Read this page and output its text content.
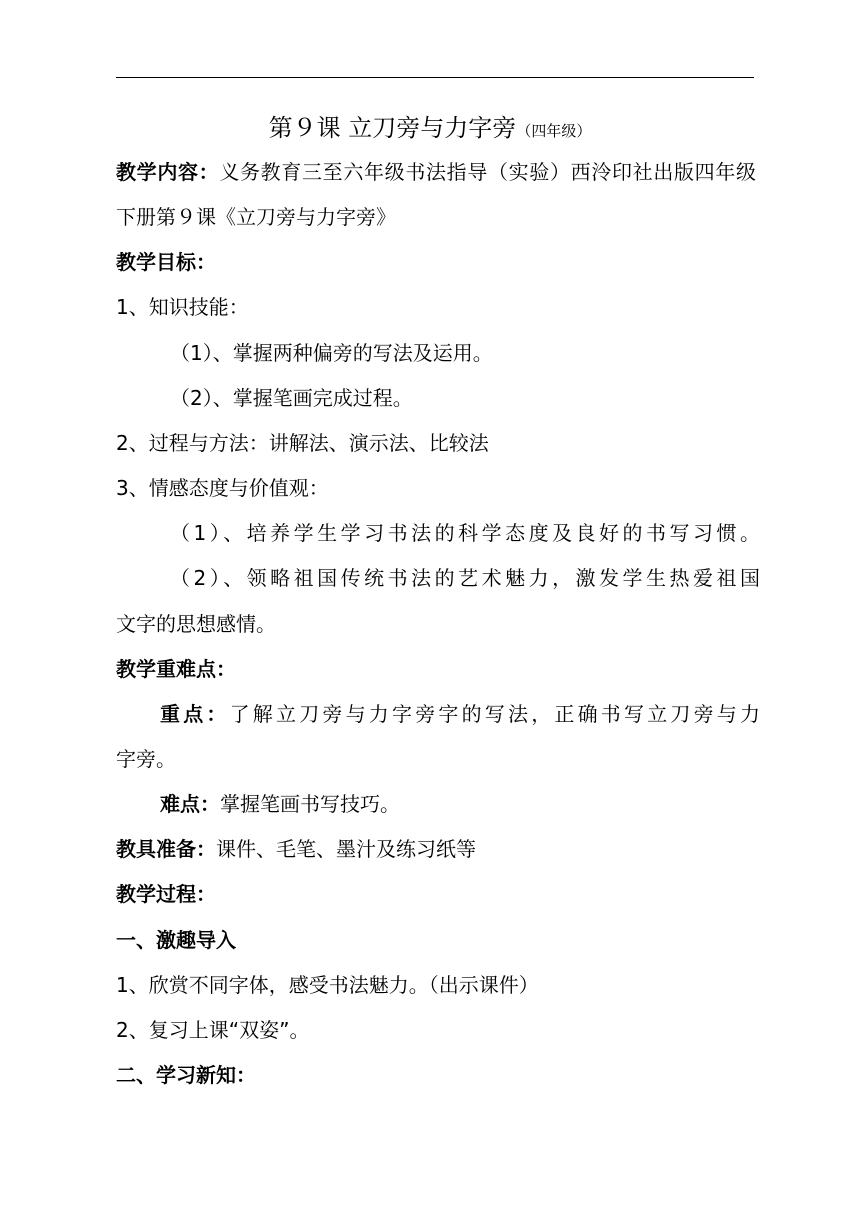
第９课 立刀旁与力字旁（四年级）
教学内容：义务教育三至六年级书法指导（实验）西泠印社出版四年级
下册第９课《立刀旁与力字旁》
教学目标：
1、知识技能：
（1）、掌握两种偏旁的写法及运用。
（2）、掌握笔画完成过程。
2、过程与方法：讲解法、演示法、比较法
3、情感态度与价值观：
（1）、培养学生学习书法的科学态度及良好的书写习惯。
（2）、领略祖国传统书法的艺术魅力，激发学生热爱祖国
文字的思想感情。
教学重难点：
重点：了解立刀旁与力字旁字的写法，正确书写立刀旁与力
字旁。
难点：掌握笔画书写技巧。
教具准备：课件、毛笔、墨汁及练习纸等
教学过程：
一、激趣导入
1、欣赏不同字体，感受书法魅力。（出示课件）
2、复习上课“双姿”。
二、学习新知：
